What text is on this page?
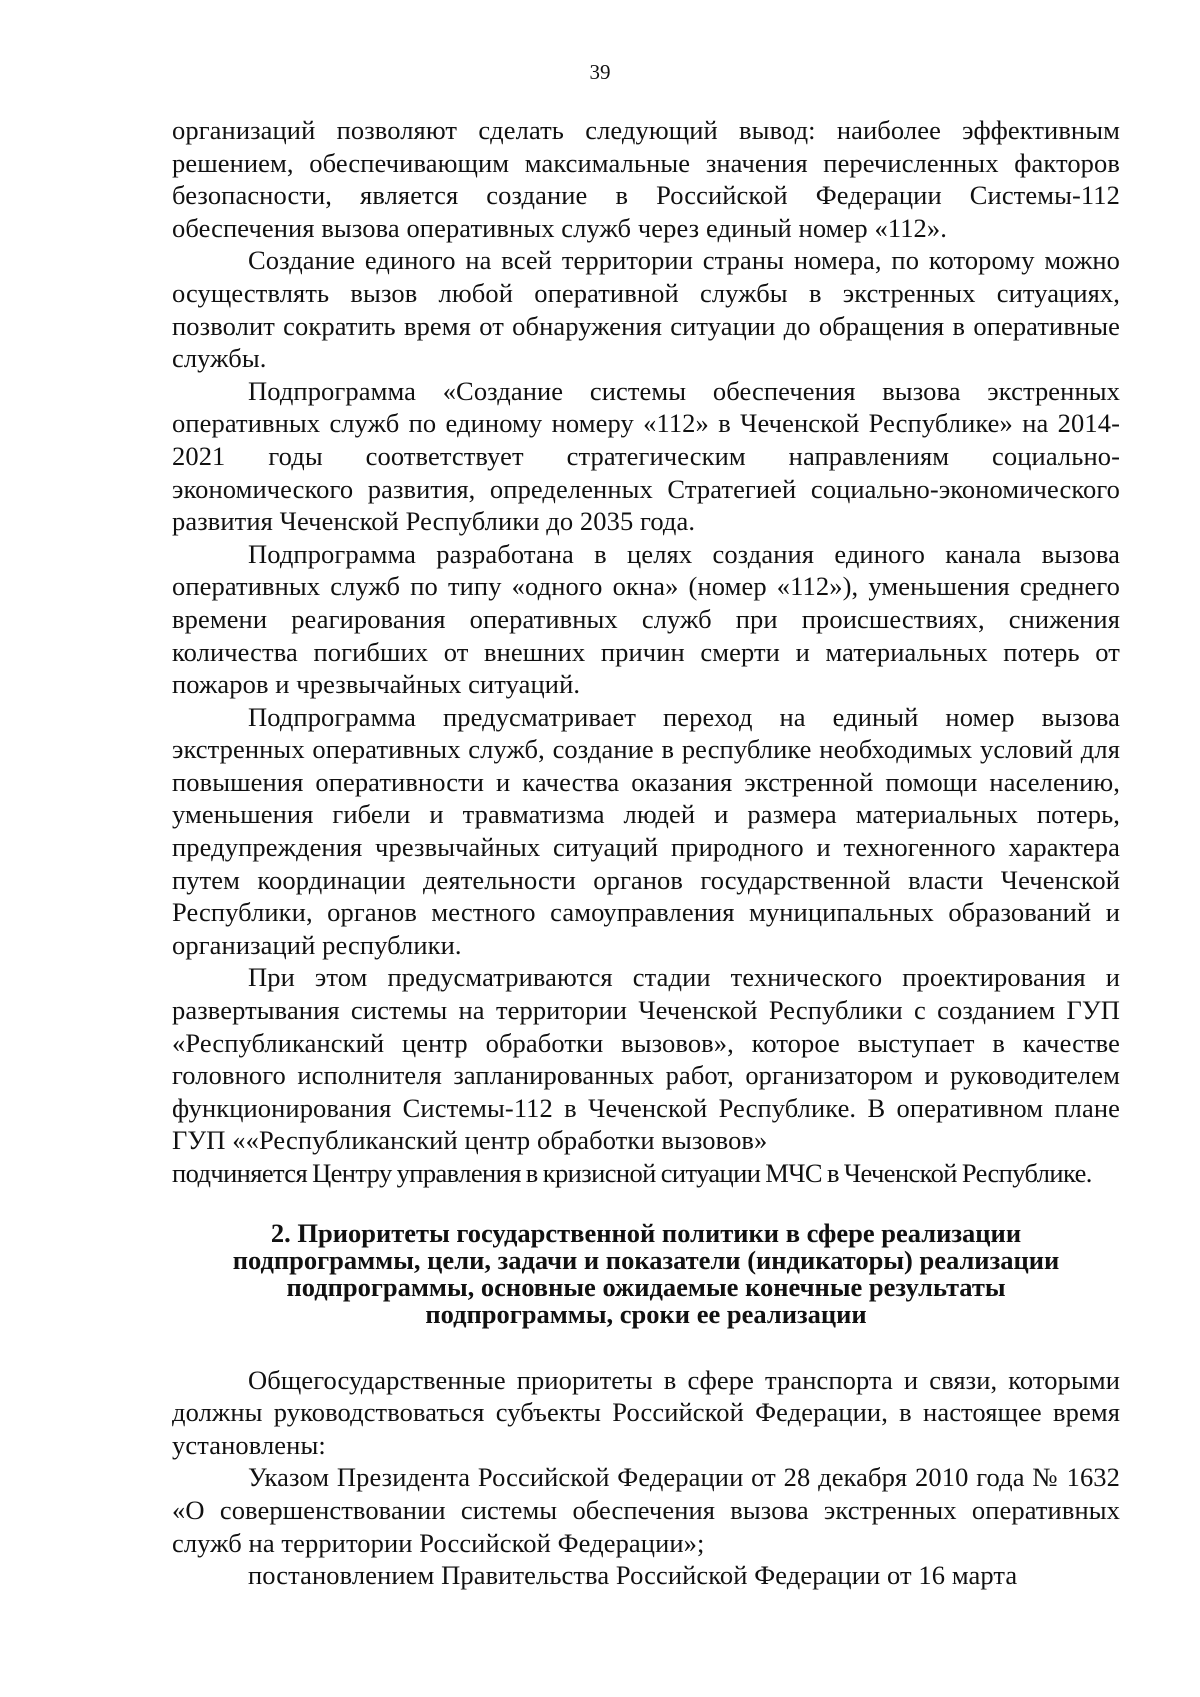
39

организаций позволяют сделать следующий вывод: наиболее эффективным решением, обеспечивающим максимальные значения перечисленных факторов безопасности, является создание в Российской Федерации Системы-112 обеспечения вызова оперативных служб через единый номер «112».

Создание единого на всей территории страны номера, по которому можно осуществлять вызов любой оперативной службы в экстренных ситуациях, позволит сократить время от обнаружения ситуации до обращения в оперативные службы.

Подпрограмма «Создание системы обеспечения вызова экстренных оперативных служб по единому номеру «112» в Чеченской Республике» на 2014-2021 годы соответствует стратегическим направлениям социально-экономического развития, определенных Стратегией социально-экономического развития Чеченской Республики до 2035 года.

Подпрограмма разработана в целях создания единого канала вызова оперативных служб по типу «одного окна» (номер «112»), уменьшения среднего времени реагирования оперативных служб при происшествиях, снижения количества погибших от внешних причин смерти и материальных потерь от пожаров и чрезвычайных ситуаций.

Подпрограмма предусматривает переход на единый номер вызова экстренных оперативных служб, создание в республике необходимых условий для повышения оперативности и качества оказания экстренной помощи населению, уменьшения гибели и травматизма людей и размера материальных потерь, предупреждения чрезвычайных ситуаций природного и техногенного характера путем координации деятельности органов государственной власти Чеченской Республики, органов местного самоуправления муниципальных образований и организаций республики.

При этом предусматриваются стадии технического проектирования и развертывания системы на территории Чеченской Республики с созданием ГУП «Республиканский центр обработки вызовов», которое выступает в качестве головного исполнителя запланированных работ, организатором и руководителем функционирования Системы-112 в Чеченской Республике. В оперативном плане ГУП ««Республиканский центр обработки вызовов»

подчиняется Центру управления в кризисной ситуации МЧС в Чеченской Республике.

2. Приоритеты государственной политики в сфере реализации подпрограммы, цели, задачи и показатели (индикаторы) реализации подпрограммы, основные ожидаемые конечные результаты подпрограммы, сроки ее реализации

Общегосударственные приоритеты в сфере транспорта и связи, которыми должны руководствоваться субъекты Российской Федерации, в настоящее время установлены:

Указом Президента Российской Федерации от 28 декабря 2010 года № 1632 «О совершенствовании системы обеспечения вызова экстренных оперативных служб на территории Российской Федерации»;

постановлением Правительства Российской Федерации от 16 марта
